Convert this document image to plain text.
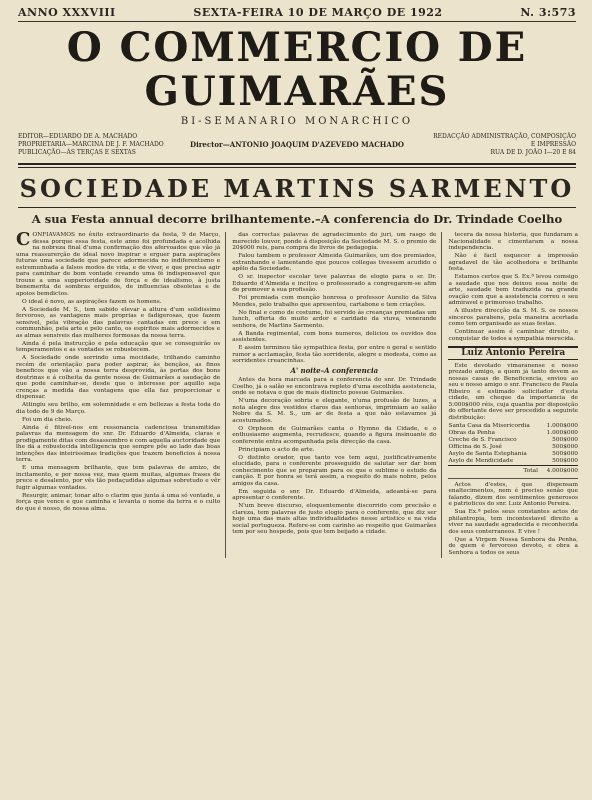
ANNO XXXVIII	SEXTA-FEIRA 10 DE MARÇO DE 1922	N. 3:573
O COMMERCIO DE GUIMARÃES
BI-SEMANARIO MONARCHICO
EDITOR—EDUARDO DE A. MACHADO
PROPRIETARIA—MARCINA DE J. F. MACHADO
PUBLICAÇÃO—ÁS TERÇAS E SEXTAS
Director—ANTONIO JOAQUIM D'AZEVEDO MACHADO
REDACÇÃO ADMINISTRAÇÃO, COMPOSIÇÃO
E IMPRESSÃO
RUA DE D. JOÃO I—20 E 84
SOCIEDADE MARTINS SARMENTO
A sua Festa annual decorre brilhantemente.–A conferencia do Dr. Trindade Coelho

CONFIAVAMOS no êxito extraordinario da festa, 9 de Março, dessa porque essa festa, este anno foi profundada e acolhida na nobreza final d'uma confirmação dos afervoados que vão jà uma reassurerção de ideal novo inspirar e erguer para aspirações futuras uma sociedade que parece adormecida no indiferentismo e estremunhada a falsos modos de vida, e de viver, e que precisa agir para caminhar de bom vontade creando uma fé indispensavel que trouxe a uma supperioridade de força e de idealismo, à justa benemerita de sombras erguidos, de influencias obsoletas e de apoios bemdictos.

O ideal é novo, as aspirações fazem os homens.

A Sociedade M. S., tem sabido elevar a altura d'um solidissimo fervoroso, as vantagens mais proprias e fadigerosas, que fazem sensivel, pela vibração das palavras cantadas em prece e em communhão, pela arte e pelo canto, os espiritos mais adormecidos e as almas sensiveis das mulheres formosas da nossa terra.

Ainda é pela instrucção e pela educação que se conseguirão os temperamentos e as vontades se robustecem.

A Sociedade onde sorrindo uma mocidade, trilhando caminho recém de orientação para poder aspirar, às bençãos, as finos beneficos que vão a nossa terra desprovida, às portas dos bons doutrinas e á colheita da gente nossa de Guimarães a saudação de que pode caminhar-se, desde que o interesse por aquillo seja crenças a medida das vontagens que ella faz proporcionar e dispensar.

Attingiu seu brilho, em solemnidade e em bellezas a festa toda do dia todo de 9 de Março.

Foi um dia cheio.

Ainda é fitivel-nos em ressonancia cadenciosa transmitidas palavras da mensagem do snr. Dr. Eduardo d'Almeida, claras e prodigamente ditas com desassombro e com aquella auctoridade que lhe dá a robustecida intelligencia que sempre põe ao lado das boas intenções das inteirissimas tradições que trazem beneficios á nossa terra.

E uma mensagem brilhante, que tem palavras de amizo, de incitamento, e por nossa vez, mas quem muitas, algumas frases de prece e desalento, por vês tão pedaçudidas algumas sobretudo e vêr fugir algumas vontades.

Resurgir, animar, tonar alto o clarim que junta á uma só vontade, a força que vence e que caminha e levanta o nome da terra e o culto do que é nosso, de nossa alma.

das correctas palavras de agradecimento do juri, um rasgo de merecido louvor, ponde á disposição da Sociedade M. S. o premio de 20$000 reis, para compra de livros de pedagogia.

Falou tambem o professor Almeida Guimarães, um dos premiados, extranhando e lamentando que poucos collegas tivessem acudido o apêlo da Sociedade.

O sr. inspector escolar teve palavras de elogio para o sr. Dr. Eduardo d'Almeida e incitou o professorado a congregarem-se afim de promover a sua profissão.

Foi premiada com menção honrosa o professor Aurelio da Silva Mendes, pelo trabalho que apresentou, cartabone e tem criações.

No final e como de costume, foi servido ás creanças premiadas um lunch, offerta do muito ardor e caridade da viuva, venerande senhora, de Martins Sarmento.

A Banda regimental, com bons numeros, deliciou os ouvidos dos assistentes.

E assim terminou tão sympathica festa, por entre o geral e sentido rumor a acclamação, festa tão sorridente, alegre e modesta, como as sorridentes creancinhas.

A' noite–A conferencia

Antes da hora marcada para a conferencia do snr. Dr. Trindade Coelho, já o salão se encontrava repleto d'uma escolhida assistencia, onde se notava o que de mais distincto possue Guimarães.

N'uma decoração sobria e elegante, n'uma profusão de luzes, a nota alegre dos vestidos claros das senhoras, imprimiam ao salão Nobre da S. M. S., um ar de festa a que não estavamos já acostumados.

O Orpheon de Guimarães canta o Hymno da Cidade, e o enthusiasmo augmenta, recrudesce, quando a figura insinuante do conferente entra acompanhada pela direcção da casa.

Principiam o acto de arte.

O distinto orador, que tanto vos tem aqui, justificativamente elucidado, para o conferente prosseguido de salutar ser dar bom conhecimento que se preparam para os que o sublime o estudo da canção. E por honra se terá assim, a respeito do mais nobre, pelos amigos da casa.

Em seguida o snr. Dr. Eduardo d'Almeida, adeantá-se para apresentar o conferente.

N'um breve discurso, eloquentemente discorrido com precisão e clareza, tem palavras de justo elogio para o conferente, que diz ser hoje uma das mais altas individualidades nesse artistico e na vida social portugueza. Refere-se com carinho ao respeito que Guimarães tem por seu hospede, pois que tem beijado a cidade.

tecera da nossa historia, que fundaram a Nacionalidade e cimentaram a nossa independencia.

Não é facil esquecer a impressão agradavel de tão acolhedora e brilhante festa.

Estamos certos que S. Ex.ª levou comsigo a saudade que nos deixou essa noite de arte, saudade bem traduzida na grande ovação com que a assistencia correu o seu admiravel e primoroso trabalho.

A illustre direcção da S. M. S. os nossos sinceros parabens, pela maneira acertada como tem organisado as suas festas.

Continuar assim é caminhar direito, e conquistar de todos a sympathia merecida.

Luiz Antonio Pereira

Este devotado vimaranense e nosso prezado amigo, a quem já tanto devem as nossas casas de Beneficencia, enviou ao seu e nosso amigo o snr. Francisco de Paula Ribeiro e estimado solicitador d'esta cidade, um cheque da importancia de 5:000$000 réis, cuja quantia por disposição do offertante deve ser procedido a seguinte distribuição:

Santa Casa da Misericordia	1.000$000
Obras da Penha	1.000$000
Creche de S. Francisco	500$000
Officina de S. José	500$000
Asylo de Santa Estephania	500$000
Asylo de Mendicidade	500$000
Total	4.000$000

Actos d'estes, que dispensam enaltecimentos, nem é preciso senão que falando, dizem dos sentimentos generosos e patrioticos do snr. Luiz Antonio Pereira.

Sua Ex.ª pelos seus constantes actos de philantropia, tem incontestavel direito a viver na saudade agradecida e reconhecida dos seus conterraneos. E vive !

Que a Virgem Nossa Senhora da Penha, de quem é fervoroso devoto, e obra a Senhora a todos os seus
